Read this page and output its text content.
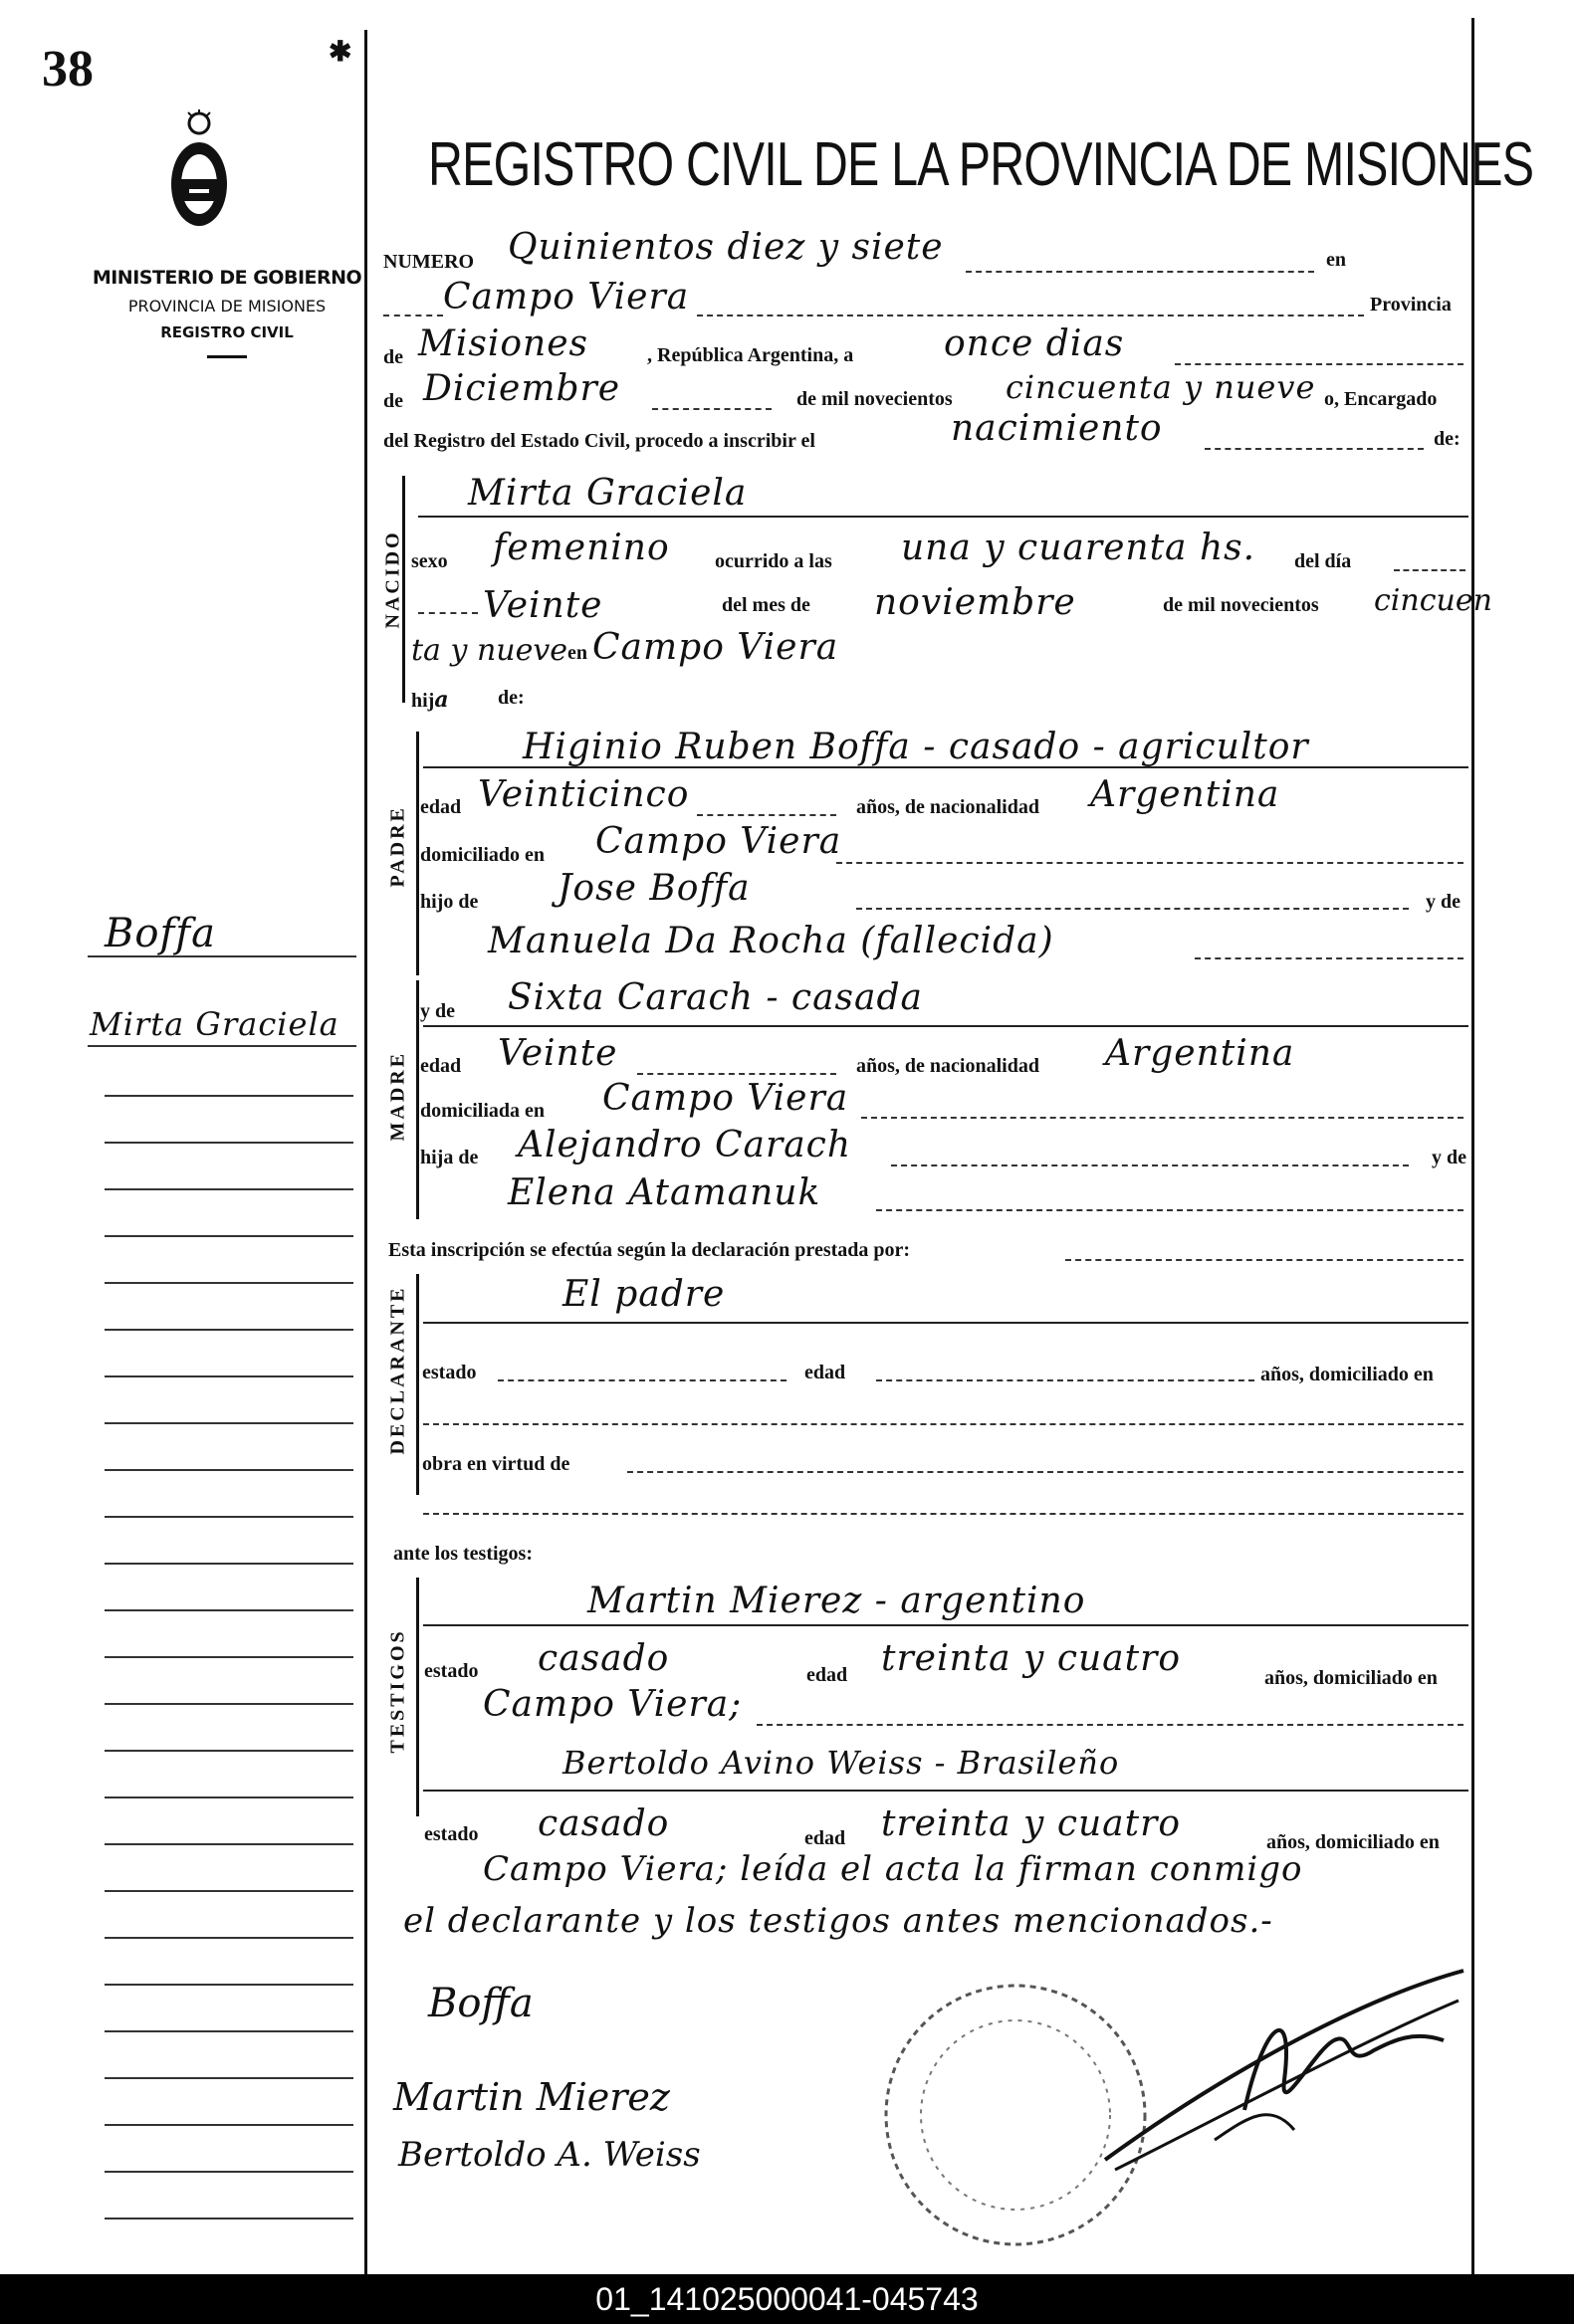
38
MINISTERIO DE GOBIERNO
PROVINCIA DE MISIONES
REGISTRO CIVIL
✱
REGISTRO CIVIL DE LA PROVINCIA DE MISIONES
NUMERO Quinientos diez y siete	en
Campo Viera	Provincia
de Misiones	, República Argentina, a	once dias
de Diciembre	de mil novecientos cincuenta y nueve o, Encargado
del Registro del Estado Civil, procedo a inscribir el	nacimiento	de:
NACIDO
Mirta Graciela
sexo femenino ocurrido a las una y cuarenta hs. del día
Veinte	del mes de noviembre	de mil novecientos cincuen
ta y nueve en Campo Viera
hija de:
PADRE
Higinio Ruben Boffa - casado - agricultor
edad Veinticinco	años, de nacionalidad Argentina
domiciliado en Campo Viera
hijo de Jose Boffa	y de
Manuela Da Rocha (fallecida)
MADRE
y de Sixta Carach - casada
edad Veinte	años, de nacionalidad Argentina
domiciliada en Campo Viera
hija de Alejandro Carach	y de
Elena Atamanuk
Esta inscripción se efectúa según la declaración prestada por:
DECLARANTE	El padre
estado	edad	años, domiciliado en
obra en virtud de
ante los testigos:
TESTIGOS
Martin Mierez - argentino
estado casado	edad treinta y cuatro	años, domiciliado en
Campo Viera;
Bertoldo Avino Weiss - Brasileño
estado casado	edad treinta y cuatro	años, domiciliado en
Campo Viera; leída el acta la firman conmigo
el declarante y los testigos antes mencionados.-
Boffa
Martin Mierez
Bertoldo A. Weiss
Boffa
Mirta Graciela
01_141025000041-045743
